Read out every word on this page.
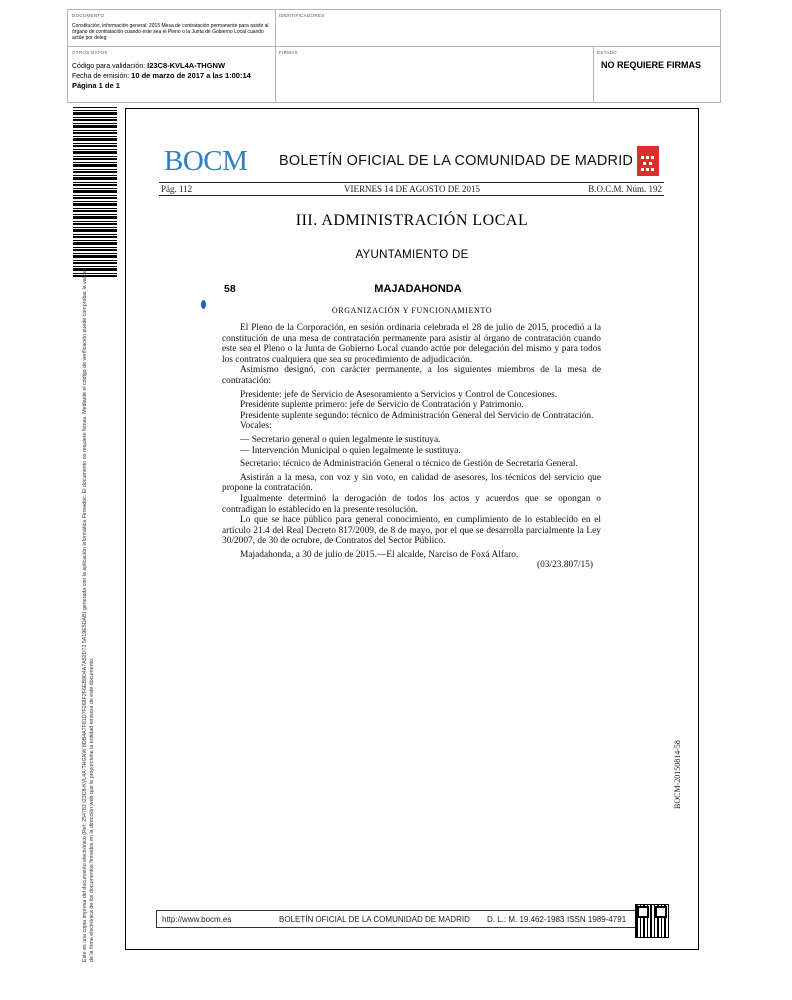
DOCUMENTO
Constitución, información general: 2015 Mesa de contratación permanente para asistir al órgano de contratación cuando este sea el Pleno o la Junta de Gobierno Local cuando actúe por deleg
IDENTIFICADORES
OTROS DATOS
Código para validación: I23C8-KVL4A-THGNW
Fecha de emisión: 10 de marzo de 2017 a las 1:00:14
Página 1 de 1
FIRMAS	ESTADO
NO REQUIERE FIRMAS
Este es una copia impresa del documento electrónico (Ref: 254782 I23C8-KVL4A-THGNW 8DB4A7F81D7F268F2F6EB9D4A7A52D72 5A19E5DAB) generada con la aplicación informática Firmadoc. El documento no requiere firmas. Mediante el código de verificación puede comprobar la validez de la firma electrónica de los documentos firmados en la dirección web que le proporcione la entidad emisora de este documento.
BOCM BOLETÍN OFICIAL DE LA COMUNIDAD DE MADRID
Pág. 112	VIERNES 14 DE AGOSTO DE 2015	B.O.C.M. Núm. 192
III. ADMINISTRACIÓN LOCAL
AYUNTAMIENTO DE
58	MAJADAHONDA
ORGANIZACIÓN Y FUNCIONAMIENTO

El Pleno de la Corporación, en sesión ordinaria celebrada el 28 de julio de 2015, procedió a la constitución de una mesa de contratación permanente para asistir al órgano de contratación cuando este sea el Pleno o la Junta de Gobierno Local cuando actúe por delegación del mismo y para todos los contratos cualquiera que sea su procedimiento de adjudicación.

Asimismo designó, con carácter permanente, a los siguientes miembros de la mesa de contratación:

Presidente: jefe de Servicio de Asesoramiento a Servicios y Control de Concesiones.

Presidente suplente primero: jefe de Servicio de Contratación y Patrimonio.

Presidente suplente segundo: técnico de Administración General del Servicio de Contratación.

Vocales:

— Secretario general o quien legalmente le sustituya.

— Intervención Municipal o quien legalmente le sustituya.

Secretario: técnico de Administración General o técnico de Gestión de Secretaría General.

Asistirán a la mesa, con voz y sin voto, en calidad de asesores, los técnicos del servicio que propone la contratación.

Igualmente determinó la derogación de todos los actos y acuerdos que se opongan o contradigan lo establecido en la presente resolución.

Lo que se hace público para general conocimiento, en cumplimiento de lo establecido en el artículo 21.4 del Real Decreto 817/2009, de 8 de mayo, por el que se desarrolla parcialmente la Ley 30/2007, de 30 de octubre, de Contratos del Sector Público.

Majadahonda, a 30 de julio de 2015.—El alcalde, Narciso de Foxá Alfaro.

(03/23.807/15)

BOCM-20150814-58
http://www.bocm.es	BOLETÍN OFICIAL DE LA COMUNIDAD DE MADRID D. L.: M. 19.462-1983 ISSN 1989-4791
